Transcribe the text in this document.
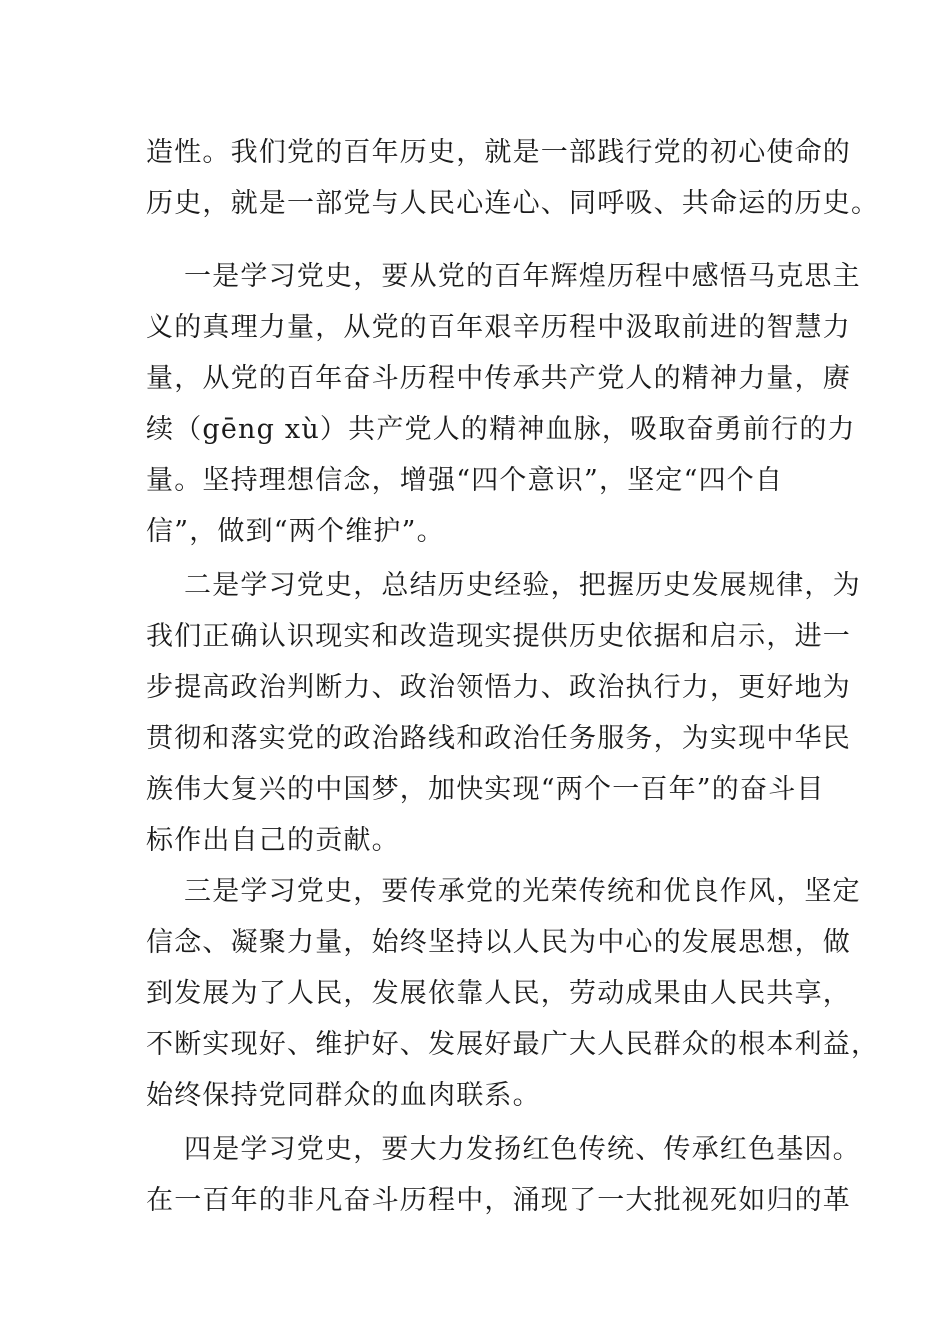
造性。我们党的百年历史，就是一部践行党的初心使命的
历史，就是一部党与人民心连心、同呼吸、共命运的历史。
一是学习党史，要从党的百年辉煌历程中感悟马克思主
义的真理力量，从党的百年艰辛历程中汲取前进的智慧力
量，从党的百年奋斗历程中传承共产党人的精神力量，赓
续（gēng xù）共产党人的精神血脉，吸取奋勇前行的力
量。坚持理想信念，增强“四个意识”，坚定“四个自
信”，做到“两个维护”。
二是学习党史，总结历史经验，把握历史发展规律，为
我们正确认识现实和改造现实提供历史依据和启示，进一
步提高政治判断力、政治领悟力、政治执行力，更好地为
贯彻和落实党的政治路线和政治任务服务，为实现中华民
族伟大复兴的中国梦，加快实现“两个一百年”的奋斗目
标作出自己的贡献。
三是学习党史，要传承党的光荣传统和优良作风，坚定
信念、凝聚力量，始终坚持以人民为中心的发展思想，做
到发展为了人民，发展依靠人民，劳动成果由人民共享，
不断实现好、维护好、发展好最广大人民群众的根本利益，
始终保持党同群众的血肉联系。
四是学习党史，要大力发扬红色传统、传承红色基因。
在一百年的非凡奋斗历程中，涌现了一大批视死如归的革
